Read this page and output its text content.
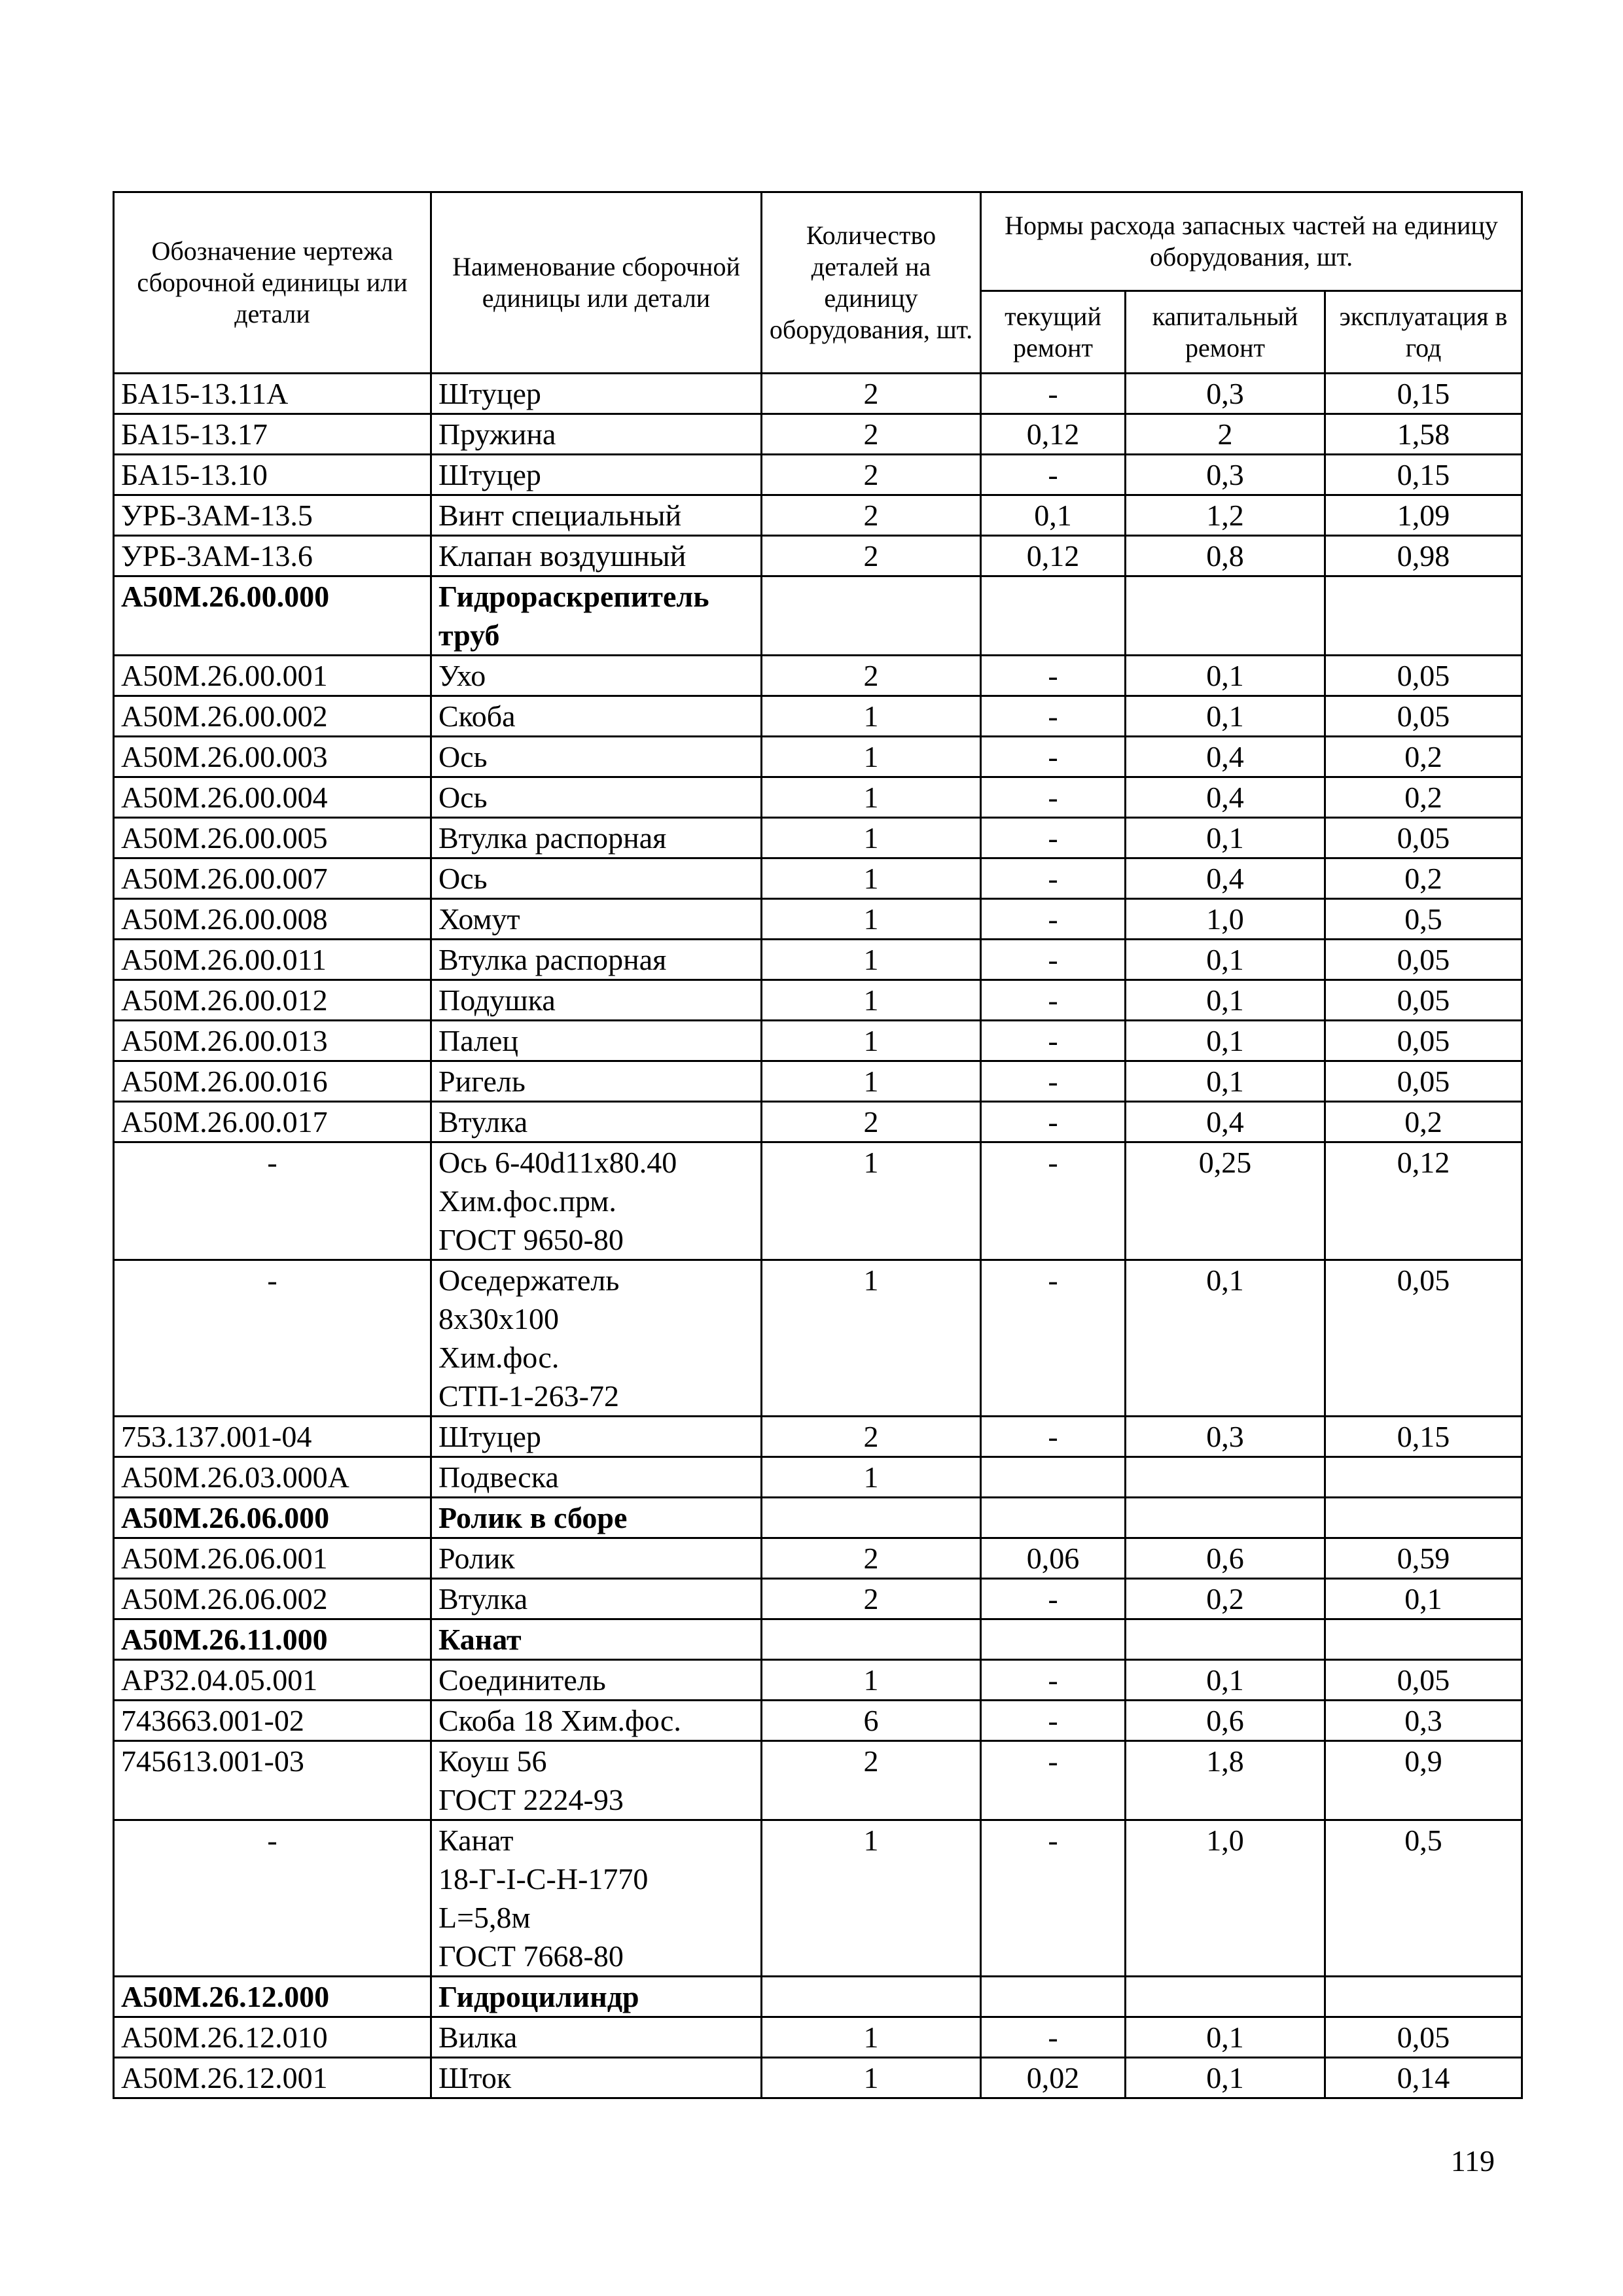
Обозначение чертежа сборочной единицы или детали	Наименование сборочной единицы или детали	Количество деталей на единицу оборудования, шт.	Нормы расхода запасных частей на единицу оборудования, шт.		
			текущий ремонт	капитальный ремонт	эксплуатация в год
БА15-13.11А	Штуцер	2	-	0,3	0,15
БА15-13.17	Пружина	2	0,12	2	1,58
БА15-13.10	Штуцер	2	-	0,3	0,15
УРБ-3АМ-13.5	Винт специальный	2	0,1	1,2	1,09
УРБ-3АМ-13.6	Клапан воздушный	2	0,12	0,8	0,98
А50М.26.00.000	Гидрораскрепитель труб				
А50М.26.00.001	Ухо	2	-	0,1	0,05
А50М.26.00.002	Скоба	1	-	0,1	0,05
А50М.26.00.003	Ось	1	-	0,4	0,2
А50М.26.00.004	Ось	1	-	0,4	0,2
А50М.26.00.005	Втулка распорная	1	-	0,1	0,05
А50М.26.00.007	Ось	1	-	0,4	0,2
А50М.26.00.008	Хомут	1	-	1,0	0,5
А50М.26.00.011	Втулка распорная	1	-	0,1	0,05
А50М.26.00.012	Подушка	1	-	0,1	0,05
А50М.26.00.013	Палец	1	-	0,1	0,05
А50М.26.00.016	Ригель	1	-	0,1	0,05
А50М.26.00.017	Втулка	2	-	0,4	0,2
-	Ось 6-40d11x80.40
Хим.фос.прм.
ГОСТ 9650-80	1	-	0,25	0,12
-	Оседержатель
8x30x100
Хим.фос.
СТП-1-263-72	1	-	0,1	0,05
753.137.001-04	Штуцер	2	-	0,3	0,15
А50М.26.03.000А	Подвеска	1			
А50М.26.06.000	Ролик в сборе				
А50М.26.06.001	Ролик	2	0,06	0,6	0,59
А50М.26.06.002	Втулка	2	-	0,2	0,1
А50М.26.11.000	Канат				
АР32.04.05.001	Соединитель	1	-	0,1	0,05
743663.001-02	Скоба 18 Хим.фос.	6	-	0,6	0,3
745613.001-03	Коуш 56
ГОСТ 2224-93	2	-	1,8	0,9
-	Канат
18-Г-I-С-Н-1770
L=5,8м
ГОСТ 7668-80	1	-	1,0	0,5
А50М.26.12.000	Гидроцилиндр				
А50М.26.12.010	Вилка	1	-	0,1	0,05
А50М.26.12.001	Шток	1	0,02	0,1	0,14
119
